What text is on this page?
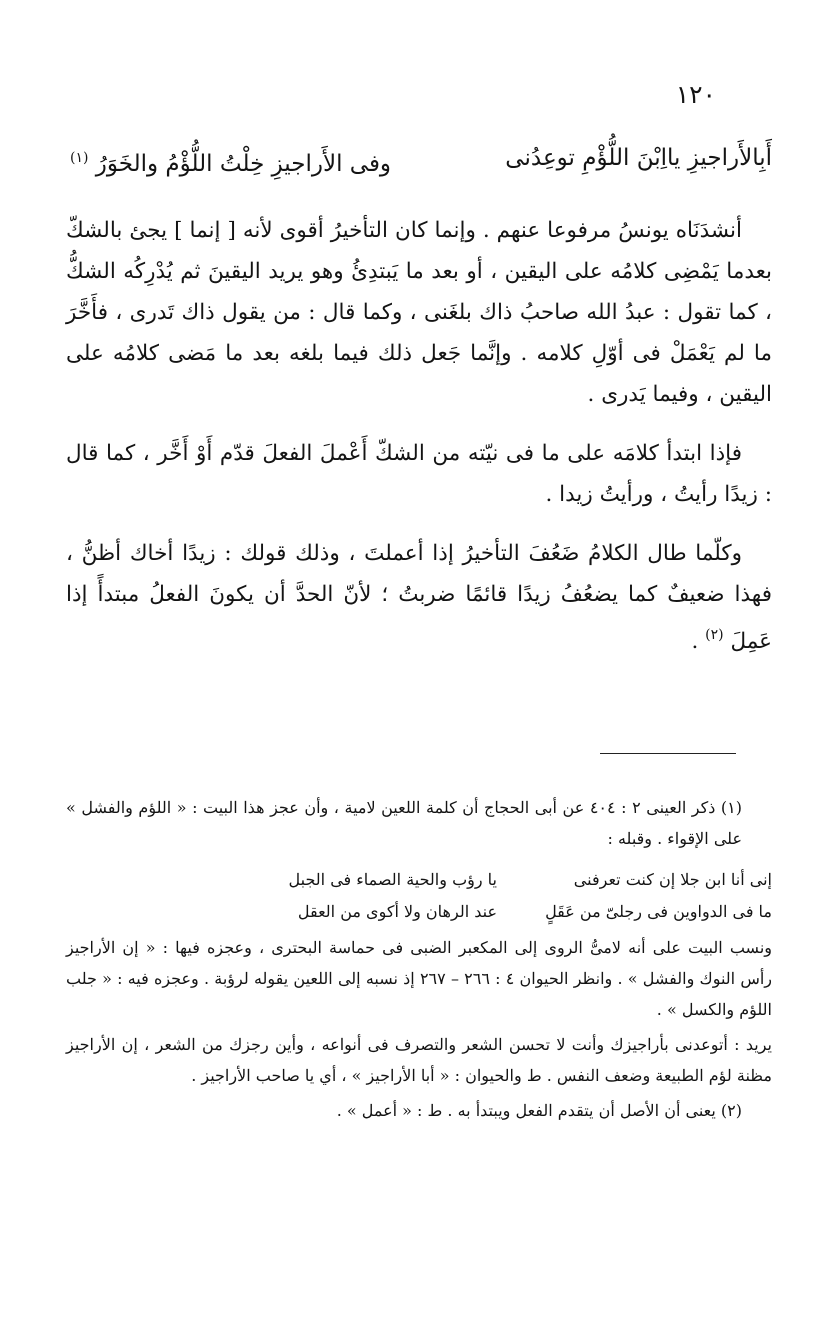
١٢٠
أَبِالأَراجيزِ يااِبْنَ اللُّؤْمِ توعِدُنى
وفى الأَراجيزِ خِلْتُ اللُّؤْمُ والخَوَرُ $^{(١)}$

أنشدَنَاه يونسُ مرفوعا عنهم . وإنما كان التأخيرُ أقوى لأنه [ إنما ] يجئ بالشكّ بعدما يَمْضِى كلامُه على اليقين ، أو بعد ما يَبتدِئُ وهو يريد اليقينَ ثم يُدْرِكُه الشكُّ ، كما تقول : عبدُ الله صاحبُ ذاك بلغَنى ، وكما قال : من يقول ذاك تَدرى ، فأَخَّرَ ما لم يَعْمَلْ فى أوّلِ كلامه . وإنَّما جَعل ذلك فيما بلغه بعد ما مَضى كلامُه على اليقين ، وفيما يَدرى .

فإذا ابتدأ كلامَه على ما فى نيّته من الشكّ أَعْملَ الفعلَ قدّم أَوْ أَخَّر ، كما قال : زيدًا رأيتُ ، ورأيتُ زيدا .

وكلّما طال الكلامُ ضَعُفَ التأخيرُ إذا أعملتَ ، وذلك قولك : زيدًا أخاك أظنُّ ، فهذا ضعيفٌ كما يضعُفُ زيدًا قائمًا ضربتُ ؛ لأنّ الحدَّ أن يكونَ الفعلُ مبتدأً إذا عَمِلَ $^{(٢)}$ .

(١) ذكر العينى ٢ : ٤٠٤ عن أبى الحجاج أن كلمة اللعين لامية ، وأن عجز هذا البيت : « اللؤم والفشل » على الإقواء . وقبله :

إنى أنا ابن جلا إن كنت تعرفنى
يا رؤب والحية الصماء فى الجبل
ما فى الدواوين فى رجلىّ من عَقَلٍ
عند الرهان ولا أكوى من العقل

ونسب البيت على أنه لامىُّ الروى إلى المكعبر الضبى فى حماسة البحترى ، وعجزه فيها : « إن الأراجيز رأس النوك والفشل » . وانظر الحيوان ٤ : ٢٦٦ – ٢٦٧ إذ نسبه إلى اللعين يقوله لرؤبة . وعجزه فيه : « جلب اللؤم والكسل » .

يريد : أتوعدنى بأراجيزك وأنت لا تحسن الشعر والتصرف فى أنواعه ، وأين رجزك من الشعر ، إن الأراجيز مظنة لؤم الطبيعة وضعف النفس . ط والحيوان : « أبا الأراجيز » ، أي يا صاحب الأراجيز .

(٢) يعنى أن الأصل أن يتقدم الفعل ويبتدأ به . ط : « أعمل » .
